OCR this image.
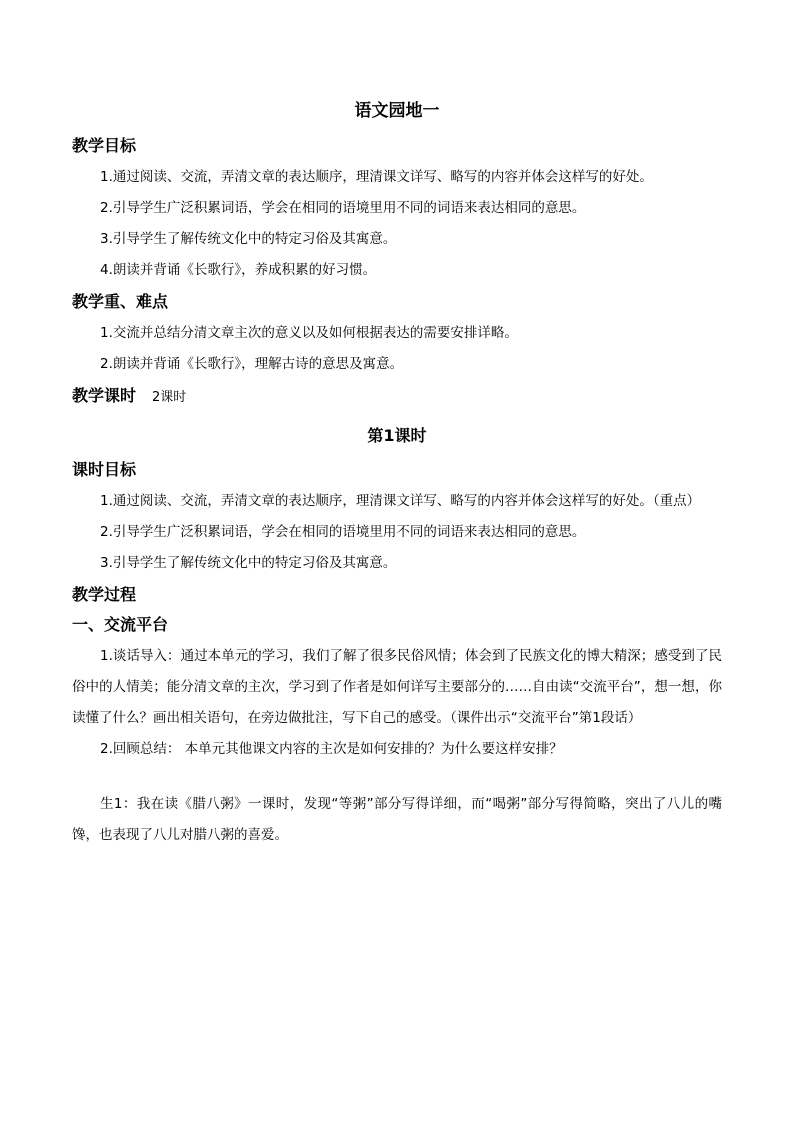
语文园地一
教学目标

1.通过阅读、交流，弄清文章的表达顺序，理清课文详写、略写的内容并体会这样写的好处。

2.引导学生广泛积累词语，学会在相同的语境里用不同的词语来表达相同的意思。

3.引导学生了解传统文化中的特定习俗及其寓意。

4.朗读并背诵《长歌行》，养成积累的好习惯。

教学重、难点

1.交流并总结分清文章主次的意义以及如何根据表达的需要安排详略。

2.朗读并背诵《长歌行》，理解古诗的意思及寓意。

教学课时 2课时
第1课时
课时目标

1.通过阅读、交流，弄清文章的表达顺序，理清课文详写、略写的内容并体会这样写的好处。（重点）

2.引导学生广泛积累词语，学会在相同的语境里用不同的词语来表达相同的意思。

3.引导学生了解传统文化中的特定习俗及其寓意。

教学过程
一、交流平台

1.谈话导入：通过本单元的学习，我们了解了很多民俗风情；体会到了民族文化的博大精深；感受到了民俗中的人情美；能分清文章的主次，学习到了作者是如何详写主要部分的……自由读“交流平台”，想一想，你读懂了什么？画出相关语句，在旁边做批注，写下自己的感受。（课件出示“交流平台”第1段话）

2.回顾总结： 本单元其他课文内容的主次是如何安排的？为什么要这样安排？

生1：我在读《腊八粥》一课时，发现“等粥”部分写得详细，而“喝粥”部分写得简略，突出了八儿的嘴馋，也表现了八儿对腊八粥的喜爱。
